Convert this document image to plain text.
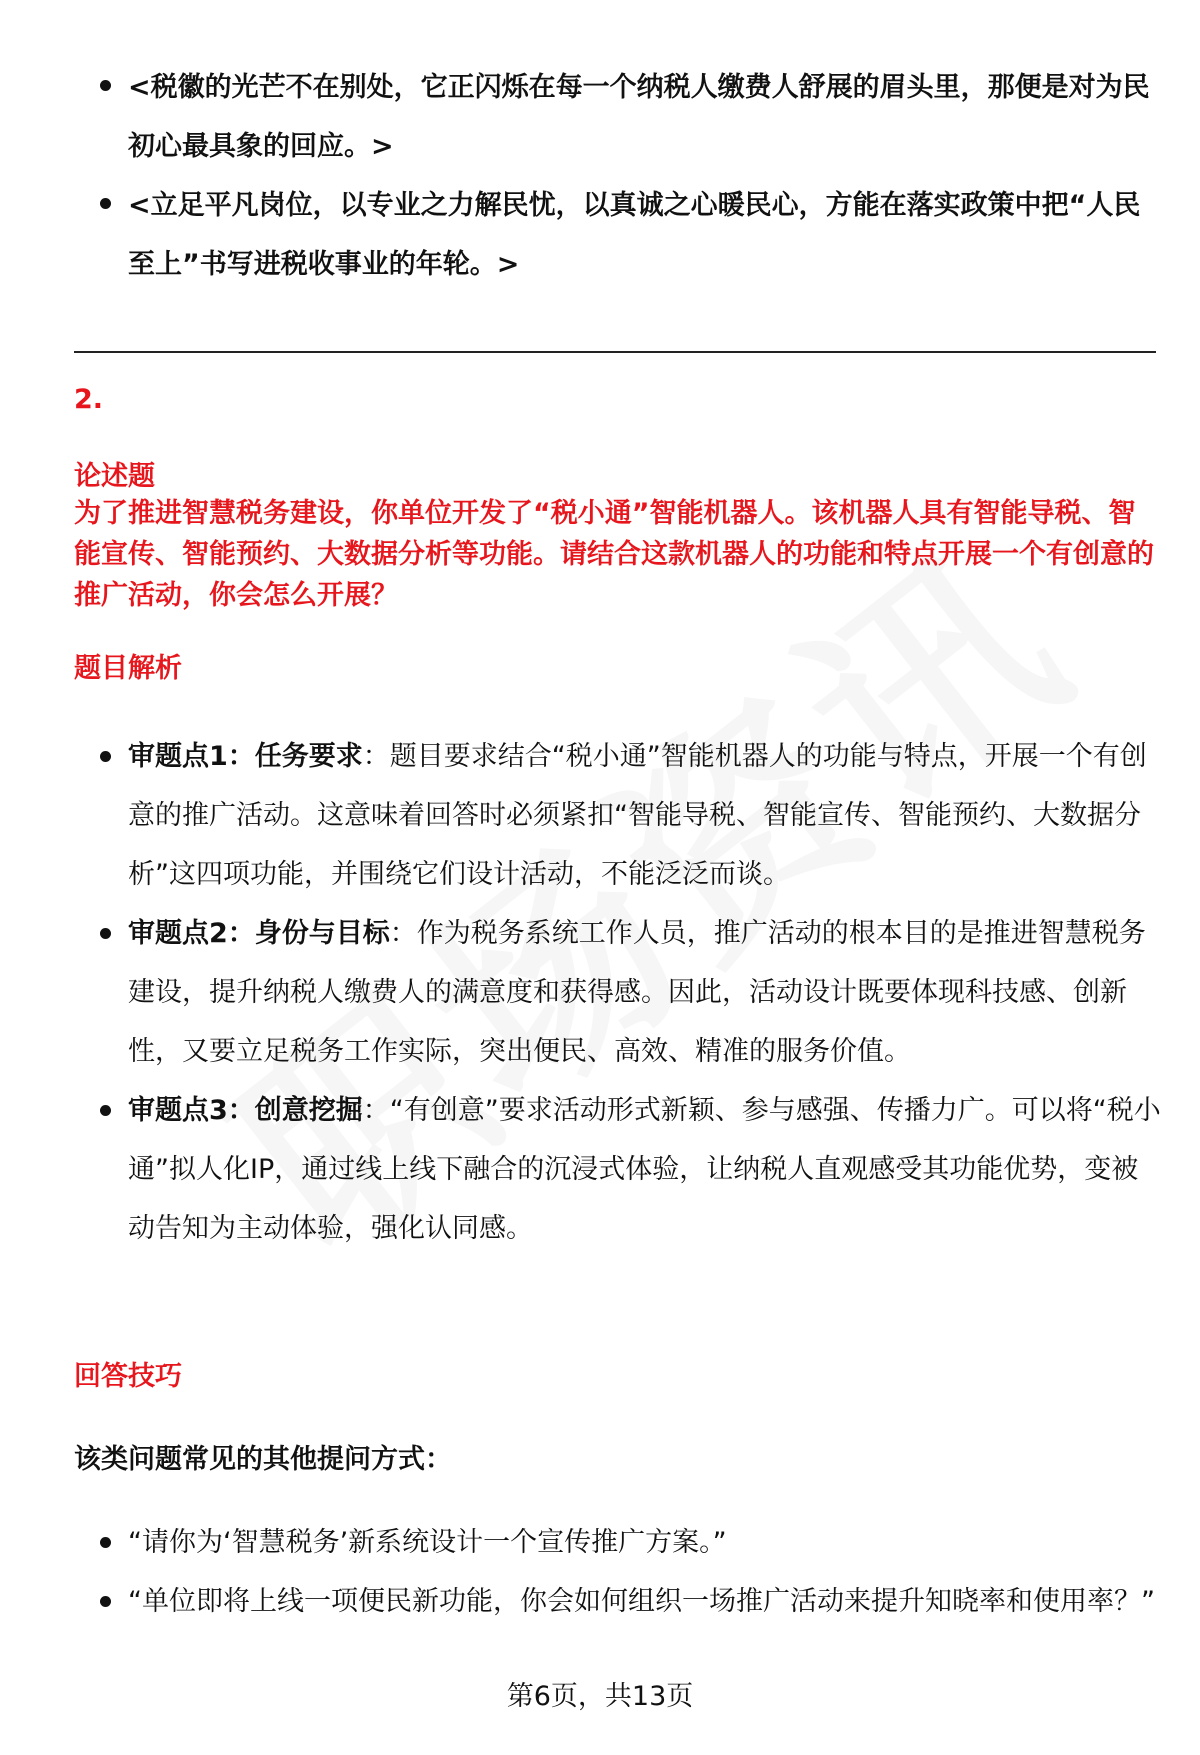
<税徽的光芒不在别处，它正闪烁在每一个纳税人缴费人舒展的眉头里，那便是对为民初心最具象的回应。>
<立足平凡岗位，以专业之力解民忧，以真诚之心暖民心，方能在落实政策中把“人民至上”书写进税收事业的年轮。>
2.
论述题
为了推进智慧税务建设，你单位开发了“税小通”智能机器人。该机器人具有智能导税、智能宣传、智能预约、大数据分析等功能。请结合这款机器人的功能和特点开展一个有创意的推广活动，你会怎么开展？
题目解析
审题点1：任务要求：题目要求结合“税小通”智能机器人的功能与特点，开展一个有创意的推广活动。这意味着回答时必须紧扣“智能导税、智能宣传、智能预约、大数据分析”这四项功能，并围绕它们设计活动，不能泛泛而谈。
审题点2：身份与目标：作为税务系统工作人员，推广活动的根本目的是推进智慧税务建设，提升纳税人缴费人的满意度和获得感。因此，活动设计既要体现科技感、创新性，又要立足税务工作实际，突出便民、高效、精准的服务价值。
审题点3：创意挖掘：“有创意”要求活动形式新颖、参与感强、传播力广。可以将“税小通”拟人化IP，通过线上线下融合的沉浸式体验，让纳税人直观感受其功能优势，变被动告知为主动体验，强化认同感。
回答技巧
该类问题常见的其他提问方式：
“请你为‘智慧税务’新系统设计一个宣传推广方案。”
“单位即将上线一项便民新功能，你会如何组织一场推广活动来提升知晓率和使用率？”
第6页，共13页
